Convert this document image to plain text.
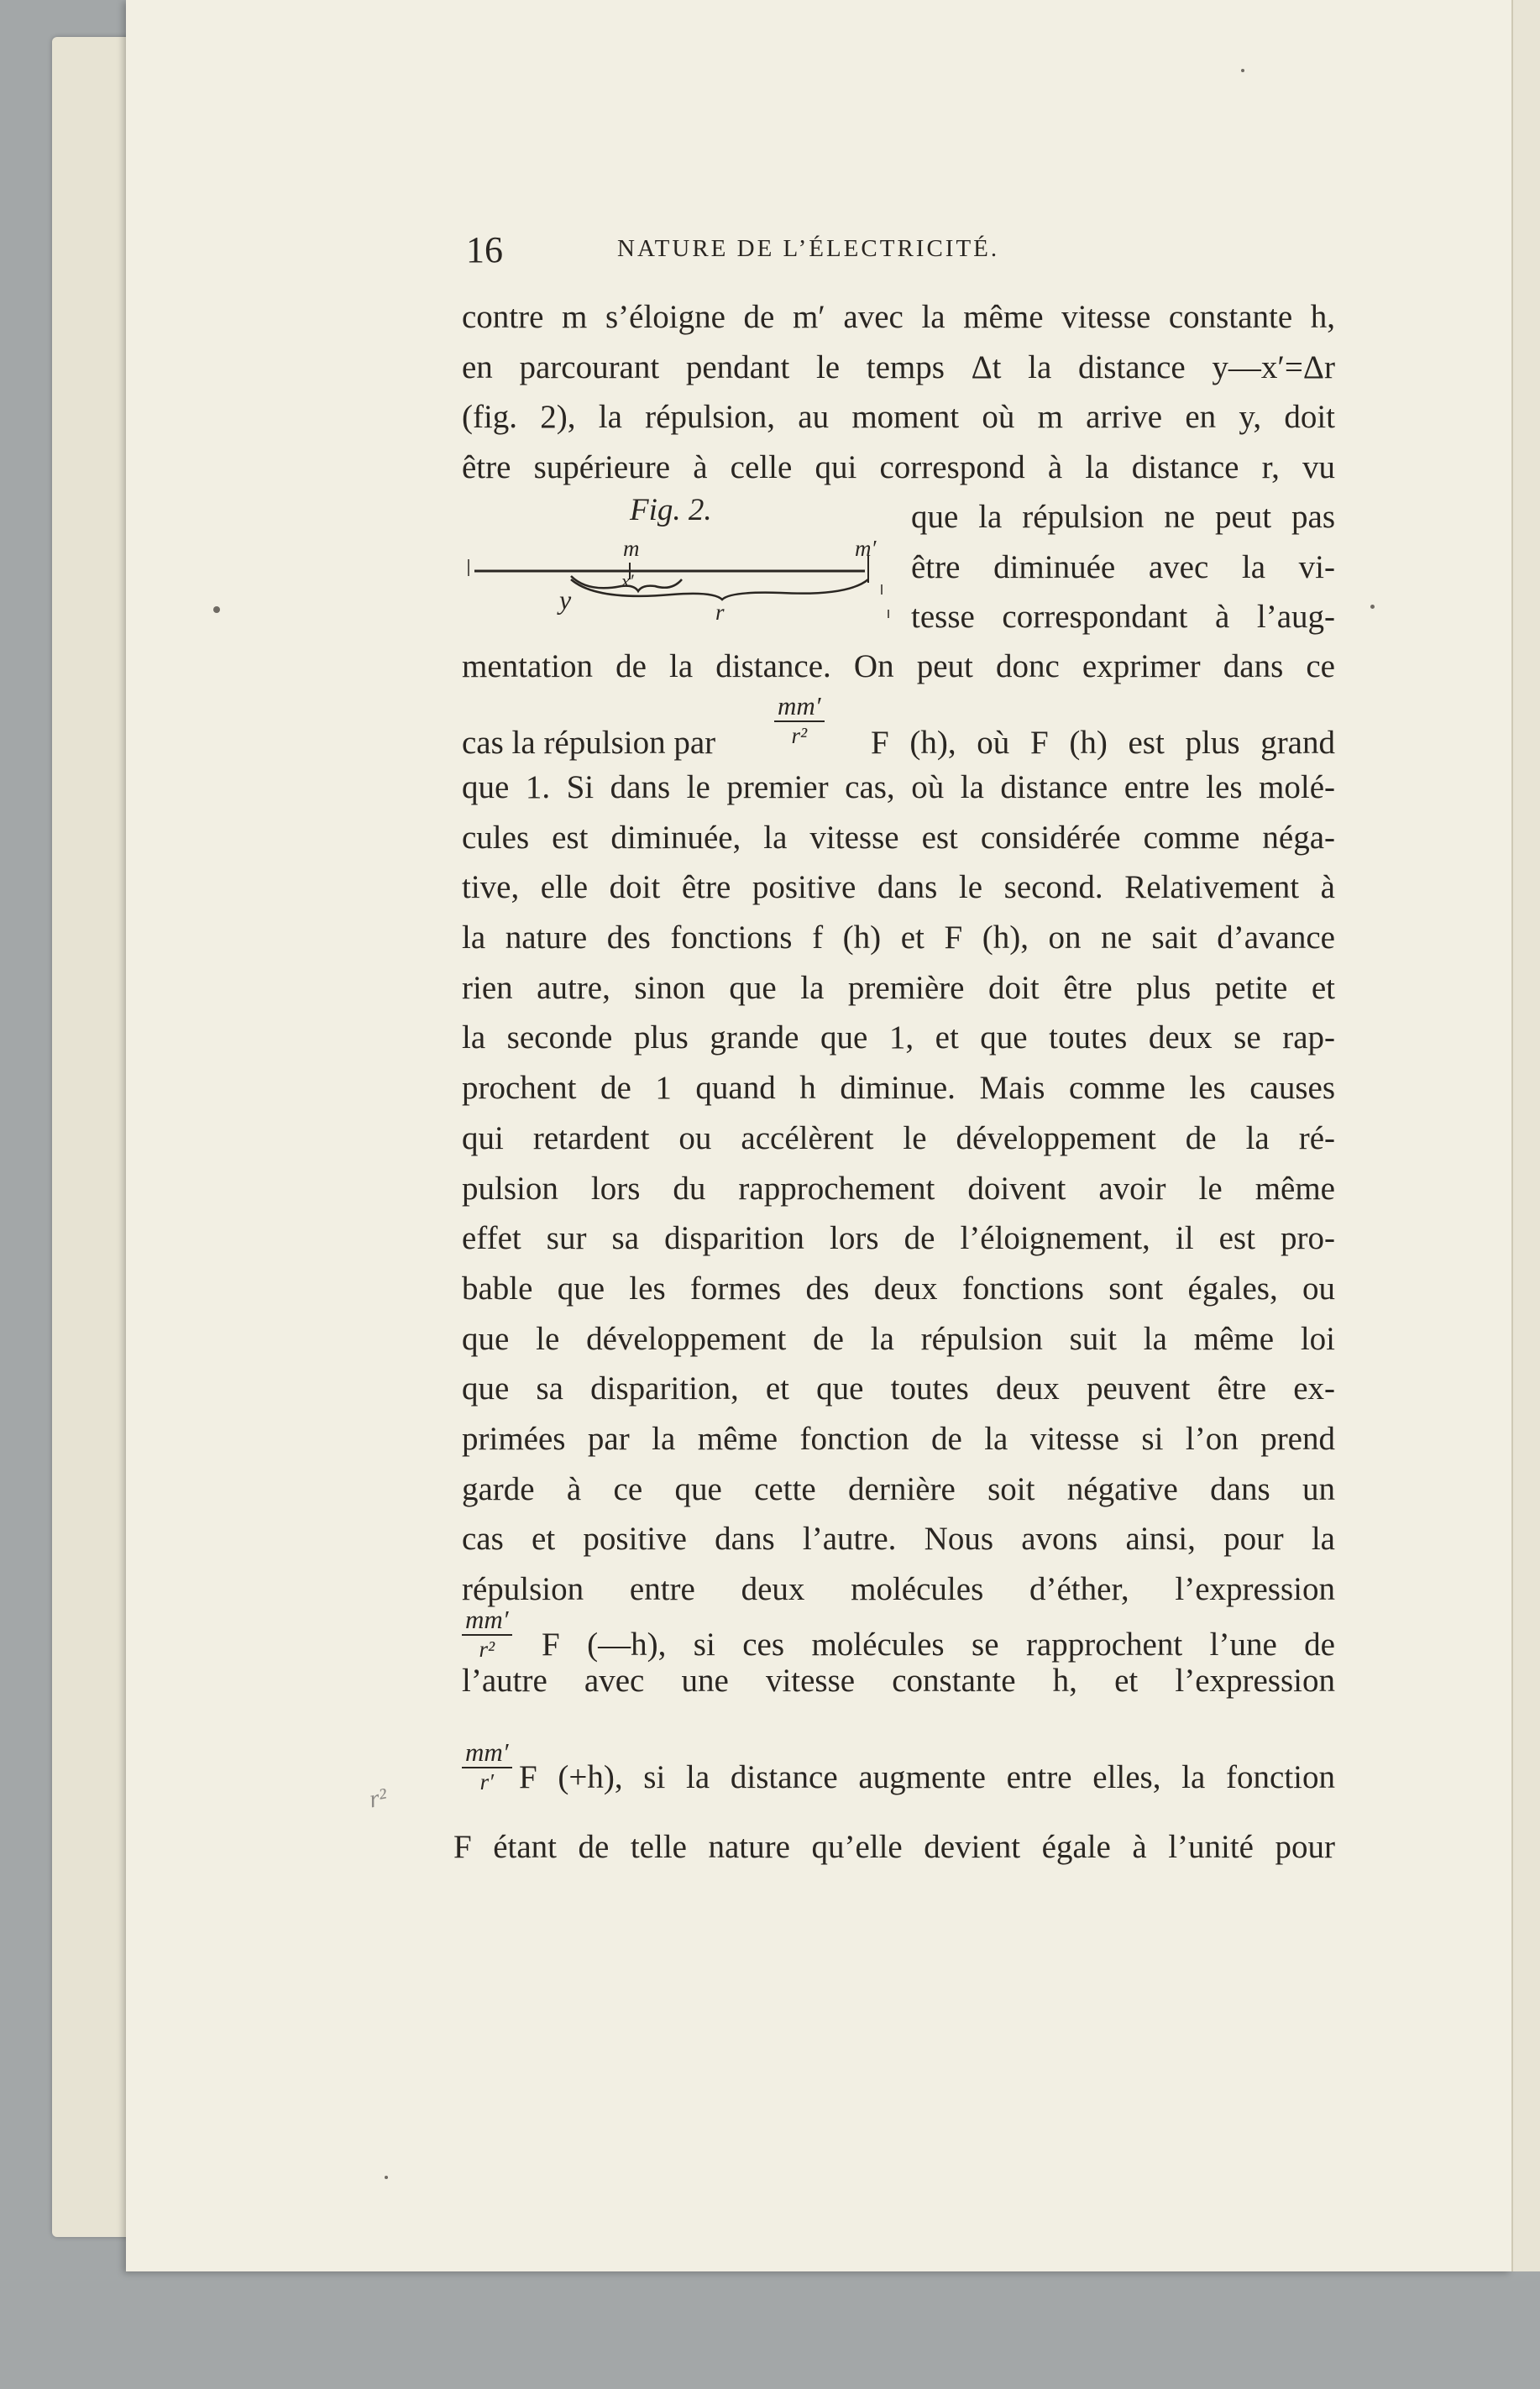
16	NATURE DE L’ÉLECTRICITÉ.
contre m s’éloigne de m′ avec la même vitesse constante h,
en parcourant pendant le temps Δt la distance y—x′=Δr
(fig. 2), la répulsion, au moment où m arrive en y, doit
être supérieure à celle qui correspond à la distance r, vu
Fig. 2.
m	m′
x′
y	r
que la répulsion ne peut pas
être diminuée avec la vi-
tesse correspondant à l’aug-
mentation de la distance. On peut donc exprimer dans ce
cas la répulsion par $\frac{mm'}{\text{r²}}$ F (h), où F (h) est plus grand
que 1. Si dans le premier cas, où la distance entre les molé-
cules est diminuée, la vitesse est considérée comme néga-
tive, elle doit être positive dans le second. Relativement à
la nature des fonctions f (h) et F (h), on ne sait d’avance
rien autre, sinon que la première doit être plus petite et
la seconde plus grande que 1, et que toutes deux se rap-
prochent de 1 quand h diminue. Mais comme les causes
qui retardent ou accélèrent le développement de la ré-
pulsion lors du rapprochement doivent avoir le même
effet sur sa disparition lors de l’éloignement, il est pro-
bable que les formes des deux fonctions sont égales, ou
que le développement de la répulsion suit la même loi
que sa disparition, et que toutes deux peuvent être ex-
primées par la même fonction de la vitesse si l’on prend
garde à ce que cette dernière soit négative dans un
cas et positive dans l’autre. Nous avons ainsi, pour la
répulsion entre deux molécules d’éther, l’expression
$\frac{mm'}{\text{r²}}$ F (—h), si ces molécules se rapprochent l’une de
l’autre avec une vitesse constante h, et l’expression
$\frac{mm'}{r'}$ F (+h), si la distance augmente entre elles, la fonction
F étant de telle nature qu’elle devient égale à l’unité pour
r²
